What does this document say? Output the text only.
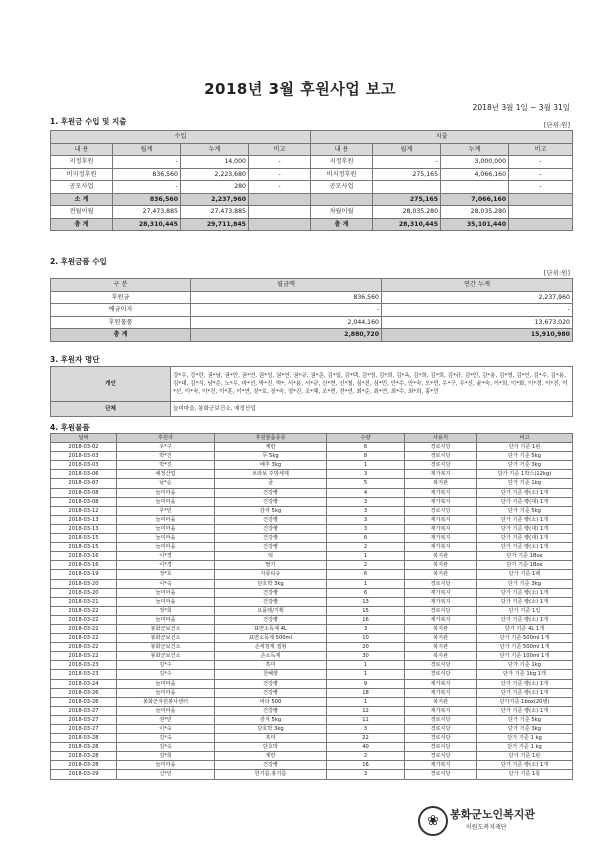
2018년 3월 후원사업 보고
2018년 3월 1일 ~ 3월 31일
1. 후원금 수입 및 지출	[단위:원]
수입				지출			
내 용	월계	누계	비고	내 용	월계	누계	비고
지정후원	-	14,000	-	지정후원	-	3,000,000	-
비지정후원	836,560	2,223,680	-	비지정후원	275,165	4,066,160	-
공모사업	-	280	-	공모사업			-
소 계	836,560	2,237,960			275,165	7,066,160	
전월이월	27,473,885	27,473,885		차월이월	28,035,280	28,035,280	
총 계	28,310,445	29,711,845		총 계	28,310,445	35,101,440	
2. 후원금품 수입
[단위:원]
구 분	월금액	연간 누계
후원금	836,560	2,237,960
예금이자	-	-
후원물품	2,044,160	13,673,020
총 계	2,880,720	15,910,980
3. 후원자 명단
개인	강*우, 강*란, 권*남, 권*민, 권*연, 권*성, 권*연, 권*규, 권*준, 김*일, 김*택, 김*영, 김*희, 김*옥, 김*희, 김*희, 김*규, 김*민, 김*용, 김*영, 김*인, 김*수, 김*용, 김*대, 김*식, 남*순, 노*우, 마*선, 박*진, 박*, 서*용, 서*규, 신*현, 신*철, 심*진, 심*민, 안*수, 안*숙, 오*민, 우*구, 우*선, 윤*숙, 이*희, 이*화, 이*경, 이*진, 이*선, 이*숙, 이*진, 이*훈, 이*연, 장*호, 장*숙, 정*진, 조*혜, 조*현, 전*연, 최*순, 최*연, 최*수, 최*희, 홍*민
단체	늘미마을, 봉화군보건소, 예정산업
4. 후원물품
날짜	후원자	후원물품종류	수량	사용처	비고
2018-03-02	우*구	계란	6	경로식당	단가 기준 1판
2018-03-03	박*진	무 5kg	8	경로식당	단가 기준 5kg
2018-03-03	박*진	배추 3kg	1	경로식당	단가 기준 3kg
2018-03-06	예정산업	브라보 주방세제	3	재가복지	단가 기준 1박스(12kg)
2018-03-07	남*순	굴	5	복지관	단가 기준 1kg
2018-03-08	늘미마을	건강빵	4	재가복지	단가 기준 빵(소) 1개
2018-03-08	늘미마을	건강빵	3	재가복지	단가 기준 빵(대) 1개
2018-03-12	우*민	감자 5kg	3	경로식당	단가 기준 5kg
2018-03-13	늘미마을	건강빵	3	재가복지	단가 기준 빵(소) 1개
2018-03-13	늘미마을	건강빵	3	재가복지	단가 기준 빵(대) 1개
2018-03-15	늘미마을	건강빵	6	재가복지	단가 기준 빵(대) 1개
2018-03-15	늘미마을	건강빵	2	재가복지	단가 기준 빵(소) 1개
2018-03-16	이*경	떡	1	복지관	단가 기준 1Box
2018-03-16	이*경	딸기	2	복지관	단가 기준 1Box
2018-03-19	정*호	자몽티슈	6	복지관	단가 기준 1팩
2018-03-20	이*숙	단호박 3kg	1	경로식당	단가 기준 3kg
2018-03-20	늘미마을	건강빵	6	재가복지	단가 기준 빵(소) 1개
2018-03-21	늘미마을	건강빵	13	재가복지	단가 기준 빵(소) 1개
2018-03-22	정*희	요플레/기획	15	경로식당	단가 기준 1입
2018-03-22	늘미마을	건강빵	16	재가복지	단가 기준 빵(소) 1개
2018-03-22	봉화군보건소	표면소독제 4L	3	복지관	단가 기준 4L 1개
2018-03-22	봉화군보건소	표면소독제 500ml	10	복지관	단가 기준 500ml 1개
2018-03-22	봉화군보건소	손세정제 겔형	20	복지관	단가 기준 500ml 1개
2018-03-22	봉화군보건소	손소독제	30	복지관	단가 기준 100ml 1개
2018-03-23	김*수	흑미	1	경로식당	단가 기준 1kg
2018-03-23	김*수	천혜향	1	경로식당	단가 기준 1kg 1개
2018-03-24	늘미마을	건강빵	9	재가복지	단가 기준 빵(소) 1개
2018-03-26	늘미마을	건강빵	18	재가복지	단가 기준 빵(소) 1개
2018-03-26	봉화군자원봉사센터	비타 500	1	복지관	단가기준 1box(20병)
2018-03-27	늘미마을	건강빵	12	재가복지	단가 기준 빵(소) 1개
2018-03-27	권*민	감자 5kg	11	경로식당	단가 기준 5kg
2018-03-27	이*숙	단호박 3kg	3	경로식당	단가 기준 3kg
2018-03-28	김*숙	흑미	22	경로식당	단가 기준 1 kg
2018-03-28	김*숙	단호박	40	경로식당	단가 기준 1 kg
2018-03-28	김*희	계란	2	경로식당	단가 기준 1판
2018-03-28	늘미마을	건강빵	16	재가복지	단가 기준 빵(소) 1개
2018-03-29	신*민	한기름,홍기름	3	경로식당	단가 기준 1통
❀	봉화군노인복지관
이원도복지재단
